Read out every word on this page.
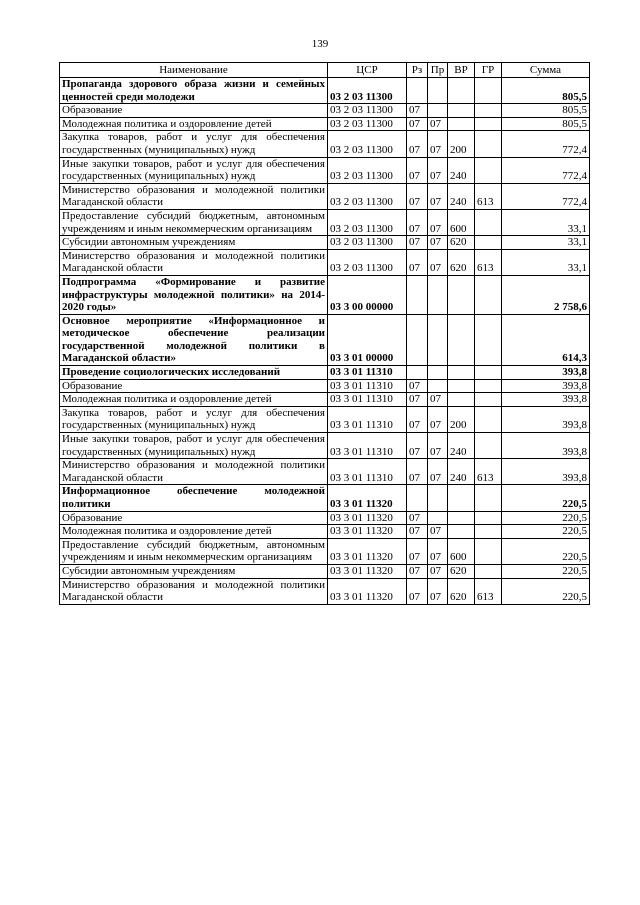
139
Наименование	ЦСР	Рз	Пр	ВР	ГР	Сумма
Пропаганда здорового образа жизни и семейных ценностей среди молодежи	03 2 03 11300					805,5
Образование	03 2 03 11300	07				805,5
Молодежная политика и оздоровление детей	03 2 03 11300	07	07			805,5
Закупка товаров, работ и услуг для обеспечения государственных (муниципальных) нужд	03 2 03 11300	07	07	200		772,4
Иные закупки товаров, работ и услуг для обеспечения государственных (муниципальных) нужд	03 2 03 11300	07	07	240		772,4
Министерство образования и молодежной политики Магаданской области	03 2 03 11300	07	07	240	613	772,4
Предоставление субсидий бюджетным, автономным учреждениям и иным некоммерческим организациям	03 2 03 11300	07	07	600		33,1
Субсидии автономным учреждениям	03 2 03 11300	07	07	620		33,1
Министерство образования и молодежной политики Магаданской области	03 2 03 11300	07	07	620	613	33,1
Подпрограмма «Формирование и развитие инфраструктуры молодежной политики» на 2014-2020 годы»	03 3 00 00000					2 758,6
Основное мероприятие «Информационное и методическое обеспечение реализации государственной молодежной политики в Магаданской области»	03 3 01 00000					614,3
Проведение социологических исследований	03 3 01 11310					393,8
Образование	03 3 01 11310	07				393,8
Молодежная политика и оздоровление детей	03 3 01 11310	07	07			393,8
Закупка товаров, работ и услуг для обеспечения государственных (муниципальных) нужд	03 3 01 11310	07	07	200		393,8
Иные закупки товаров, работ и услуг для обеспечения государственных (муниципальных) нужд	03 3 01 11310	07	07	240		393,8
Министерство образования и молодежной политики Магаданской области	03 3 01 11310	07	07	240	613	393,8
Информационное обеспечение молодежной политики	03 3 01 11320					220,5
Образование	03 3 01 11320	07				220,5
Молодежная политика и оздоровление детей	03 3 01 11320	07	07			220,5
Предоставление субсидий бюджетным, автономным учреждениям и иным некоммерческим организациям	03 3 01 11320	07	07	600		220,5
Субсидии автономным учреждениям	03 3 01 11320	07	07	620		220,5
Министерство образования и молодежной политики Магаданской области	03 3 01 11320	07	07	620	613	220,5
